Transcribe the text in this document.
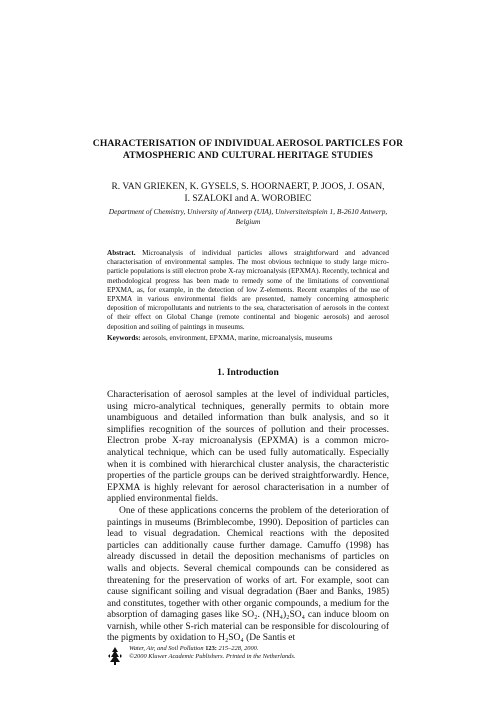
CHARACTERISATION OF INDIVIDUAL AEROSOL PARTICLES FOR
ATMOSPHERIC AND CULTURAL HERITAGE STUDIES
R. VAN GRIEKEN, K. GYSELS, S. HOORNAERT, P. JOOS, J. OSAN,
I. SZALOKI and A. WOROBIEC
Department of Chemistry, University of Antwerp (UIA), Universiteitsplein 1, B-2610 Antwerp,
Belgium
Abstract. Microanalysis of individual particles allows straightforward and advanced characterisation of environmental samples. The most obvious technique to study large micro-particle populations is still electron probe X-ray microanalysis (EPXMA). Recently, technical and methodological progress has been made to remedy some of the limitations of conventional EPXMA, as, for example, in the detection of low Z-elements. Recent examples of the use of EPXMA in various environmental fields are presented, namely concerning atmospheric deposition of micropollutants and nutrients to the sea, characterisation of aerosols in the context of their effect on Global Change (remote continental and biogenic aerosols) and aerosol deposition and soiling of paintings in museums.
Keywords: aerosols, environment, EPXMA, marine, microanalysis, museums
1. Introduction

Characterisation of aerosol samples at the level of individual particles, using micro-analytical techniques, generally permits to obtain more unambiguous and detailed information than bulk analysis, and so it simplifies recognition of the sources of pollution and their processes. Electron probe X-ray microanalysis (EPXMA) is a common micro-analytical technique, which can be used fully automatically. Especially when it is combined with hierarchical cluster analysis, the characteristic properties of the particle groups can be derived straightforwardly. Hence, EPXMA is highly relevant for aerosol characterisation in a number of applied environmental fields.

One of these applications concerns the problem of the deterioration of paintings in museums (Brimblecombe, 1990). Deposition of particles can lead to visual degradation. Chemical reactions with the deposited particles can additionally cause further damage. Camuffo (1998) has already discussed in detail the deposition mechanisms of particles on walls and objects. Several chemical compounds can be considered as threatening for the preservation of works of art. For example, soot can cause significant soiling and visual degradation (Baer and Banks, 1985) and constitutes, together with other organic compounds, a medium for the absorption of damaging gases like SO₂. (NH₄)₂SO₄ can induce bloom on varnish, while other S-rich material can be responsible for discolouring of the pigments by oxidation to H₂SO₄ (De Santis et

Water, Air, and Soil Pollution 123: 215–228, 2000.
©2000 Kluwer Academic Publishers. Printed in the Netherlands.
